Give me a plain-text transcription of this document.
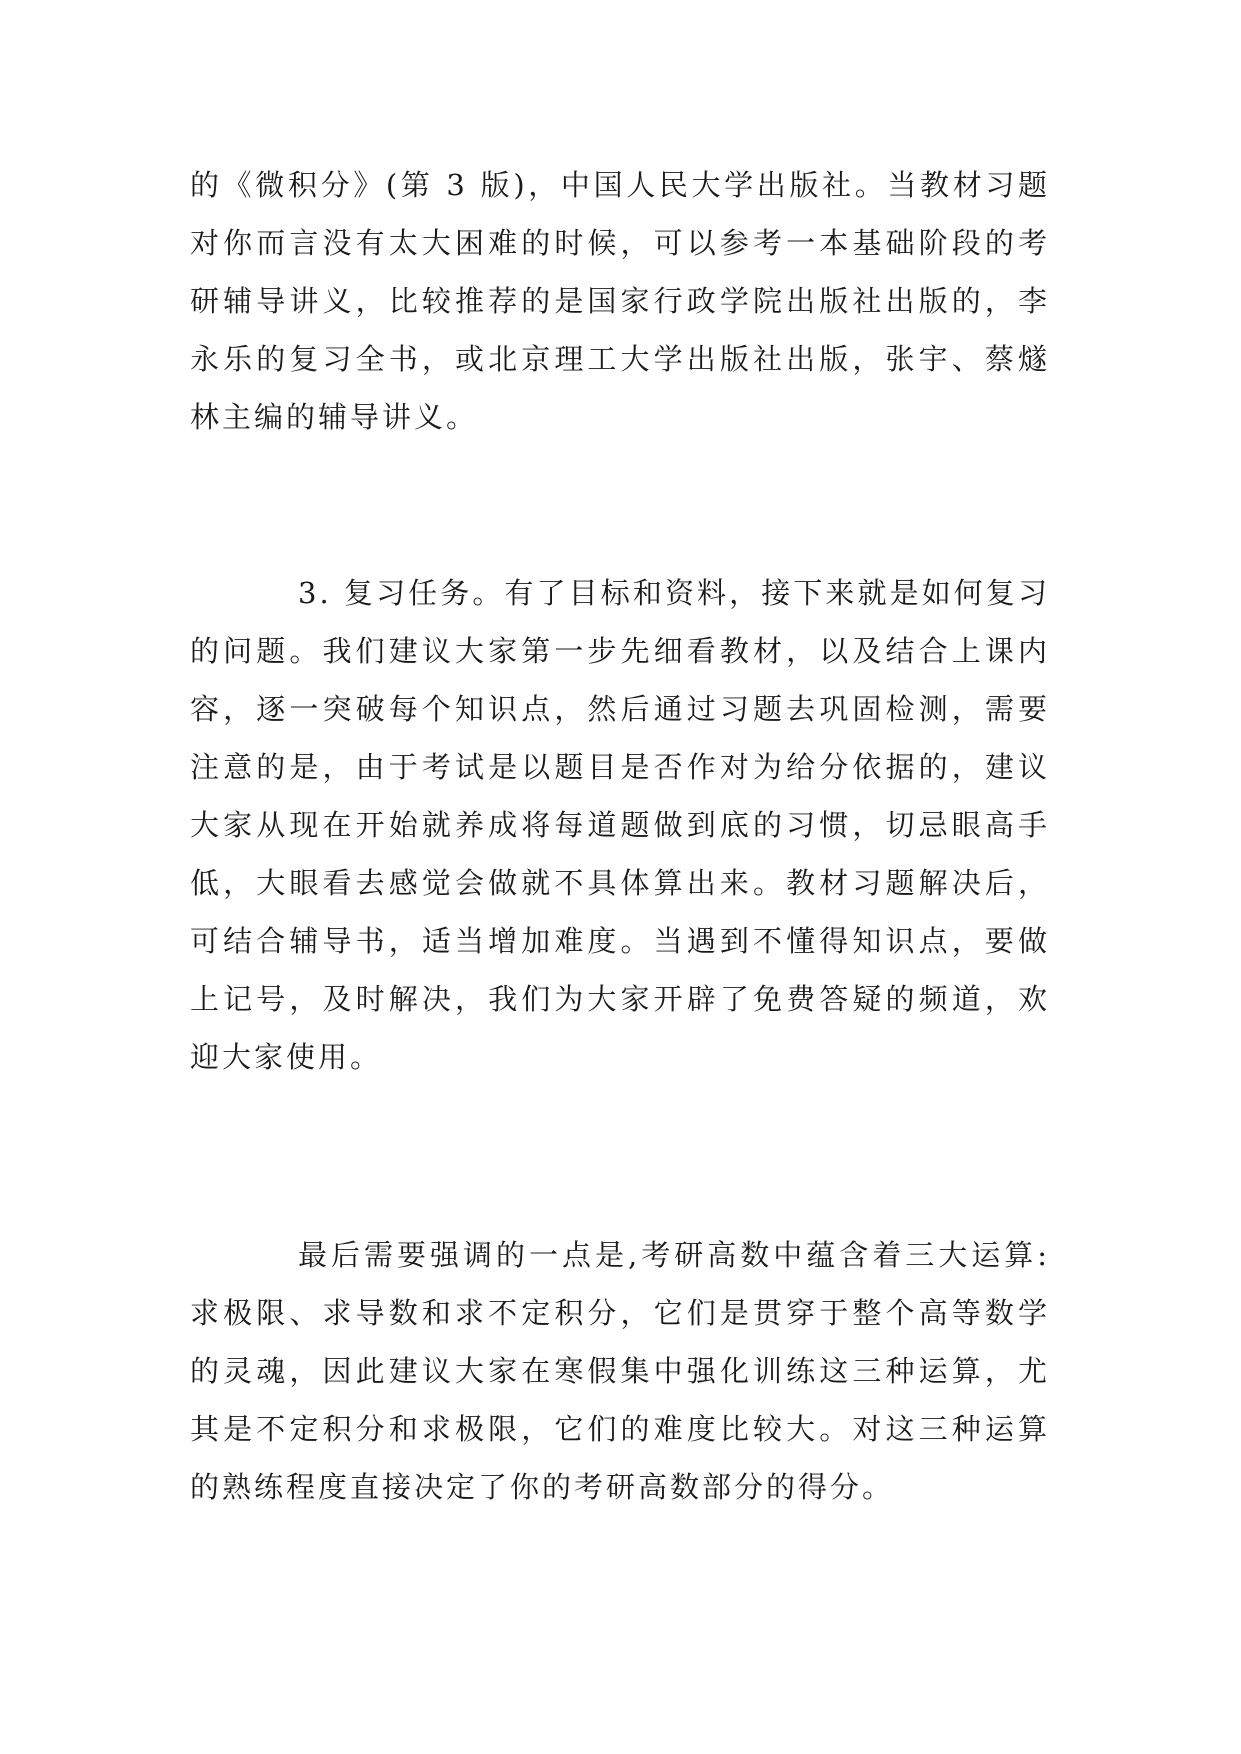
的《微积分》(第 3 版)，中国人民大学出版社。当教材习题
对你而言没有太大困难的时候，可以参考一本基础阶段的考
研辅导讲义，比较推荐的是国家行政学院出版社出版的，李
永乐的复习全书，或北京理工大学出版社出版，张宇、蔡燧
林主编的辅导讲义。
3. 复习任务。有了目标和资料，接下来就是如何复习
的问题。我们建议大家第一步先细看教材，以及结合上课内
容，逐一突破每个知识点，然后通过习题去巩固检测，需要
注意的是，由于考试是以题目是否作对为给分依据的，建议
大家从现在开始就养成将每道题做到底的习惯，切忌眼高手
低，大眼看去感觉会做就不具体算出来。教材习题解决后，
可结合辅导书，适当增加难度。当遇到不懂得知识点，要做
上记号，及时解决，我们为大家开辟了免费答疑的频道，欢
迎大家使用。
最后需要强调的一点是,考研高数中蕴含着三大运算:
求极限、求导数和求不定积分，它们是贯穿于整个高等数学
的灵魂，因此建议大家在寒假集中强化训练这三种运算，尤
其是不定积分和求极限，它们的难度比较大。对这三种运算
的熟练程度直接决定了你的考研高数部分的得分。
